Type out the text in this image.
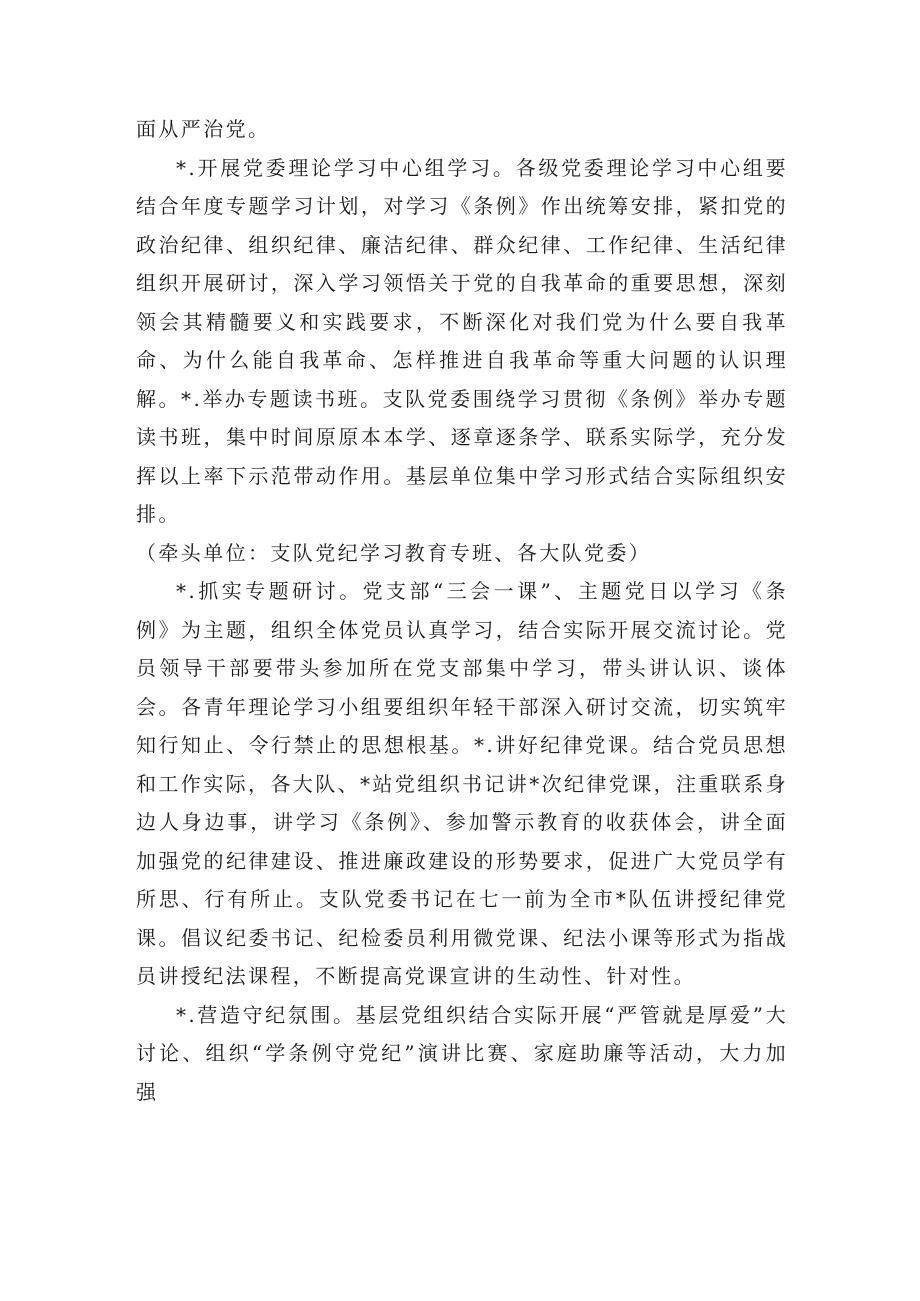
面从严治党。

*.开展党委理论学习中心组学习。各级党委理论学习中心组要结合年度专题学习计划，对学习《条例》作出统筹安排，紧扣党的政治纪律、组织纪律、廉洁纪律、群众纪律、工作纪律、生活纪律组织开展研讨，深入学习领悟关于党的自我革命的重要思想，深刻领会其精髓要义和实践要求，不断深化对我们党为什么要自我革命、为什么能自我革命、怎样推进自我革命等重大问题的认识理解。*.举办专题读书班。支队党委围绕学习贯彻《条例》举办专题读书班，集中时间原原本本学、逐章逐条学、联系实际学，充分发挥以上率下示范带动作用。基层单位集中学习形式结合实际组织安排。

（牵头单位：支队党纪学习教育专班、各大队党委）

*.抓实专题研讨。党支部“三会一课”、主题党日以学习《条例》为主题，组织全体党员认真学习，结合实际开展交流讨论。党员领导干部要带头参加所在党支部集中学习，带头讲认识、谈体会。各青年理论学习小组要组织年轻干部深入研讨交流，切实筑牢知行知止、令行禁止的思想根基。*.讲好纪律党课。结合党员思想和工作实际，各大队、*站党组织书记讲*次纪律党课，注重联系身边人身边事，讲学习《条例》、参加警示教育的收获体会，讲全面加强党的纪律建设、推进廉政建设的形势要求，促进广大党员学有所思、行有所止。支队党委书记在七一前为全市*队伍讲授纪律党课。倡议纪委书记、纪检委员利用微党课、纪法小课等形式为指战员讲授纪法课程，不断提高党课宣讲的生动性、针对性。

*.营造守纪氛围。基层党组织结合实际开展“严管就是厚爱”大讨论、组织“学条例守党纪”演讲比赛、家庭助廉等活动，大力加强
